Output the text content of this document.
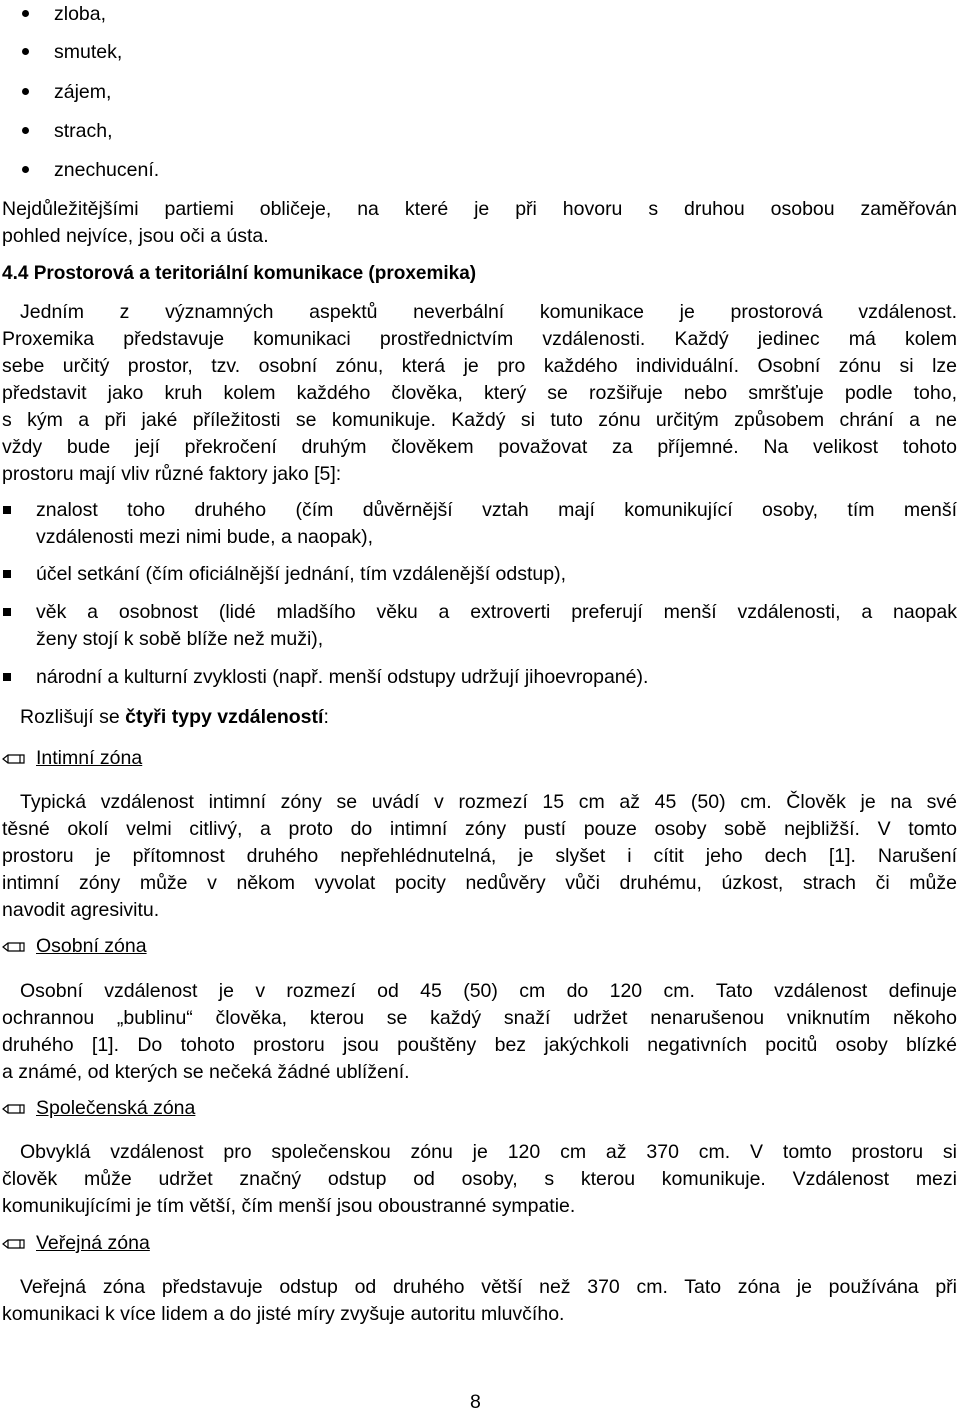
zloba,
smutek,
zájem,
strach,
znechucení.
Nejdůležitějšími partiemi obličeje, na které je při hovoru s druhou osobou zaměřován
pohled nejvíce, jsou oči a ústa.
4.4 Prostorová a teritoriální komunikace (proxemika)
Jedním z významných aspektů neverbální komunikace je prostorová vzdálenost.
Proxemika představuje komunikaci prostřednictvím vzdálenosti. Každý jedinec má kolem
sebe určitý prostor, tzv. osobní zónu, která je pro každého individuální. Osobní zónu si lze
představit jako kruh kolem každého člověka, který se rozšiřuje nebo smršťuje podle toho,
s kým a při jaké příležitosti se komunikuje. Každý si tuto zónu určitým způsobem chrání a ne
vždy bude její překročení druhým člověkem považovat za příjemné. Na velikost tohoto
prostoru mají vliv různé faktory jako [5]:
znalost toho druhého (čím důvěrnější vztah mají komunikující osoby, tím menší
vzdálenosti mezi nimi bude, a naopak),
účel setkání (čím oficiálnější jednání, tím vzdálenější odstup),
věk a osobnost (lidé mladšího věku a extroverti preferují menší vzdálenosti, a naopak
ženy stojí k sobě blíže než muži),
národní a kulturní zvyklosti (např. menší odstupy udržují jihoevropané).
Rozlišují se čtyři typy vzdáleností:
Intimní zóna
Typická vzdálenost intimní zóny se uvádí v rozmezí 15 cm až 45 (50) cm. Člověk je na své
těsné okolí velmi citlivý, a proto do intimní zóny pustí pouze osoby sobě nejbližší. V tomto
prostoru je přítomnost druhého nepřehlédnutelná, je slyšet i cítit jeho dech [1]. Narušení
intimní zóny může v někom vyvolat pocity nedůvěry vůči druhému, úzkost, strach či může
navodit agresivitu.
Osobní zóna
Osobní vzdálenost je v rozmezí od 45 (50) cm do 120 cm. Tato vzdálenost definuje
ochrannou „bublinu“ člověka, kterou se každý snaží udržet nenarušenou vniknutím někoho
druhého [1]. Do tohoto prostoru jsou pouštěny bez jakýchkoli negativních pocitů osoby blízké
a známé, od kterých se nečeká žádné ublížení.
Společenská zóna
Obvyklá vzdálenost pro společenskou zónu je 120 cm až 370 cm. V tomto prostoru si
člověk může udržet značný odstup od osoby, s kterou komunikuje. Vzdálenost mezi
komunikujícími je tím větší, čím menší jsou oboustranné sympatie.
Veřejná zóna
Veřejná zóna představuje odstup od druhého větší než 370 cm. Tato zóna je používána při
komunikaci k více lidem a do jisté míry zvyšuje autoritu mluvčího.
8
